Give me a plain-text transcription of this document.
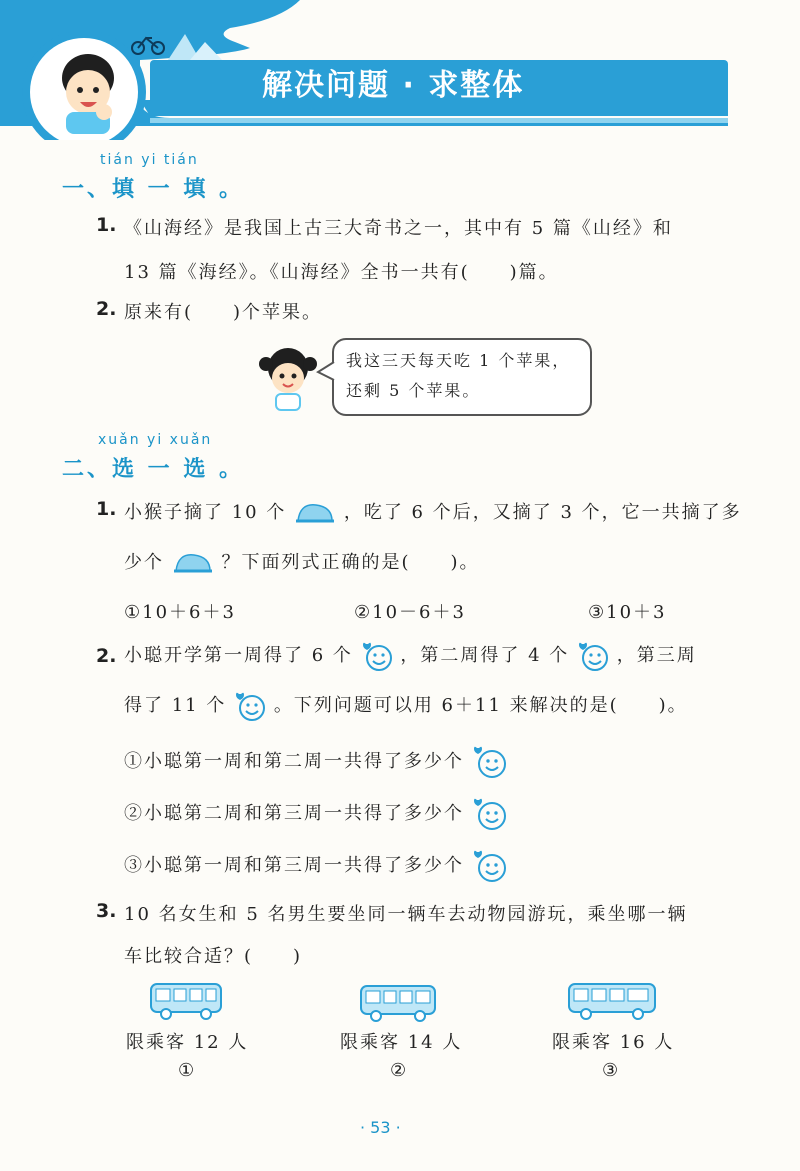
解决问题 · 求整体
tián yi tián
一、填 一 填 。
1. 《山海经》是我国上古三大奇书之一，其中有 5 篇《山经》和
13 篇《海经》。《山海经》全书一共有(　　)篇。
2. 原来有(　　)个苹果。
我这三天每天吃 1 个苹果，
还剩 5 个苹果。
xuǎn yi xuǎn
二、选 一 选 。
1. 小猴子摘了 10 个	，吃了 6 个后，又摘了 3 个，它一共摘了多
少个	？下面列式正确的是(　　)。
①10＋6＋3	②10－6＋3	③10＋3
2. 小聪开学第一周得了 6 个	，第二周得了 4 个	，第三周
得了 11 个	。下列问题可以用 6＋11 来解决的是(　　)。
①小聪第一周和第二周一共得了多少个
②小聪第二周和第三周一共得了多少个
③小聪第一周和第三周一共得了多少个
3. 10 名女生和 5 名男生要坐同一辆车去动物园游玩，乘坐哪一辆
车比较合适？(　　)
限乘客 12 人	限乘客 14 人	限乘客 16 人
①	②	③
· 53 ·
